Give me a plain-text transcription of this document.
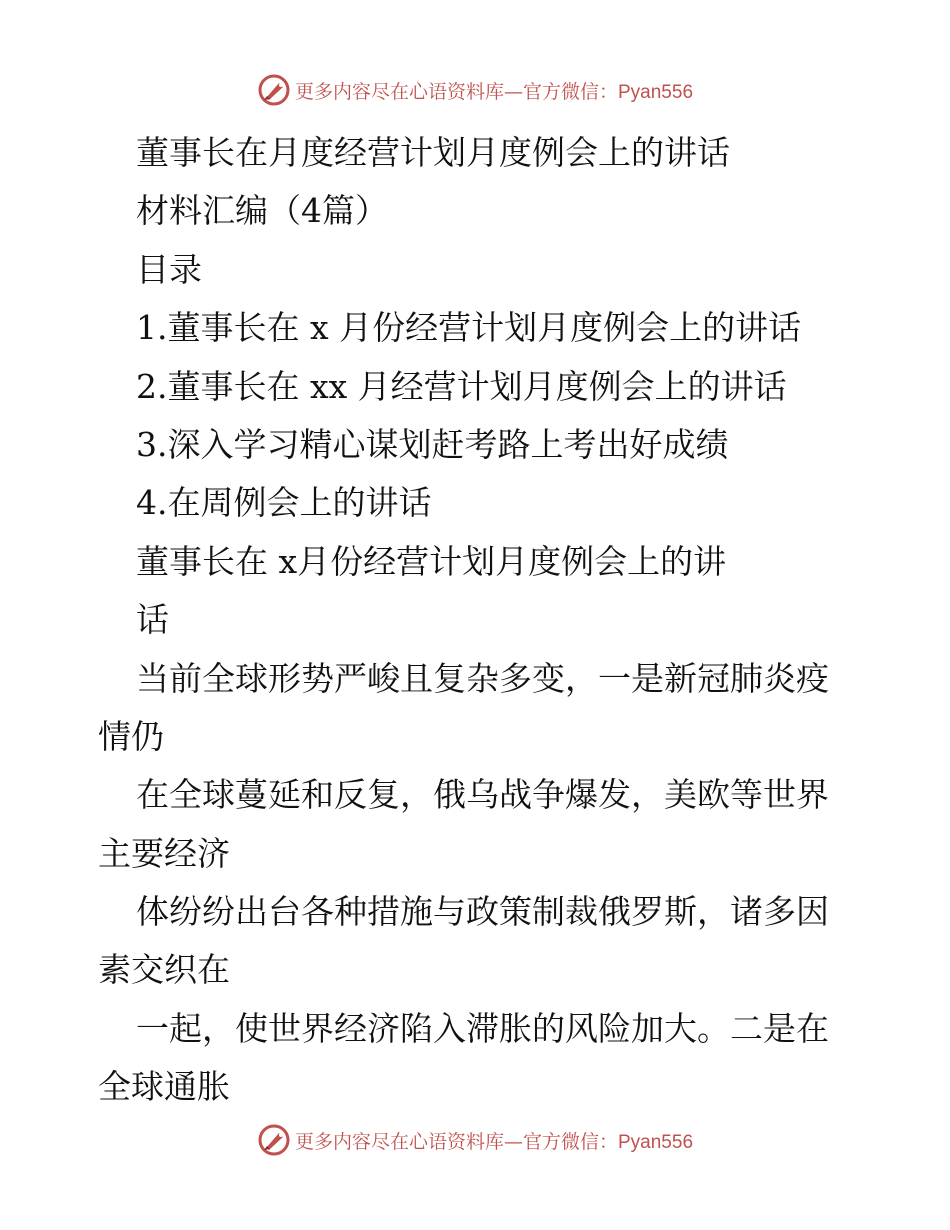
更多内容尽在心语资料库—官方微信：Pyan556
董事长在月度经营计划月度例会上的讲话
材料汇编（4篇）
目录
1.董事长在 x 月份经营计划月度例会上的讲话
2.董事长在 xx 月经营计划月度例会上的讲话
3.深入学习精心谋划赶考路上考出好成绩
4.在周例会上的讲话
董事长在 x月份经营计划月度例会上的讲
话
当前全球形势严峻且复杂多变，一是新冠肺炎疫
情仍
在全球蔓延和反复，俄乌战争爆发，美欧等世界
主要经济
体纷纷出台各种措施与政策制裁俄罗斯，诸多因
素交织在
一起，使世界经济陷入滞胀的风险加大。二是在
全球通胀
更多内容尽在心语资料库—官方微信：Pyan556
